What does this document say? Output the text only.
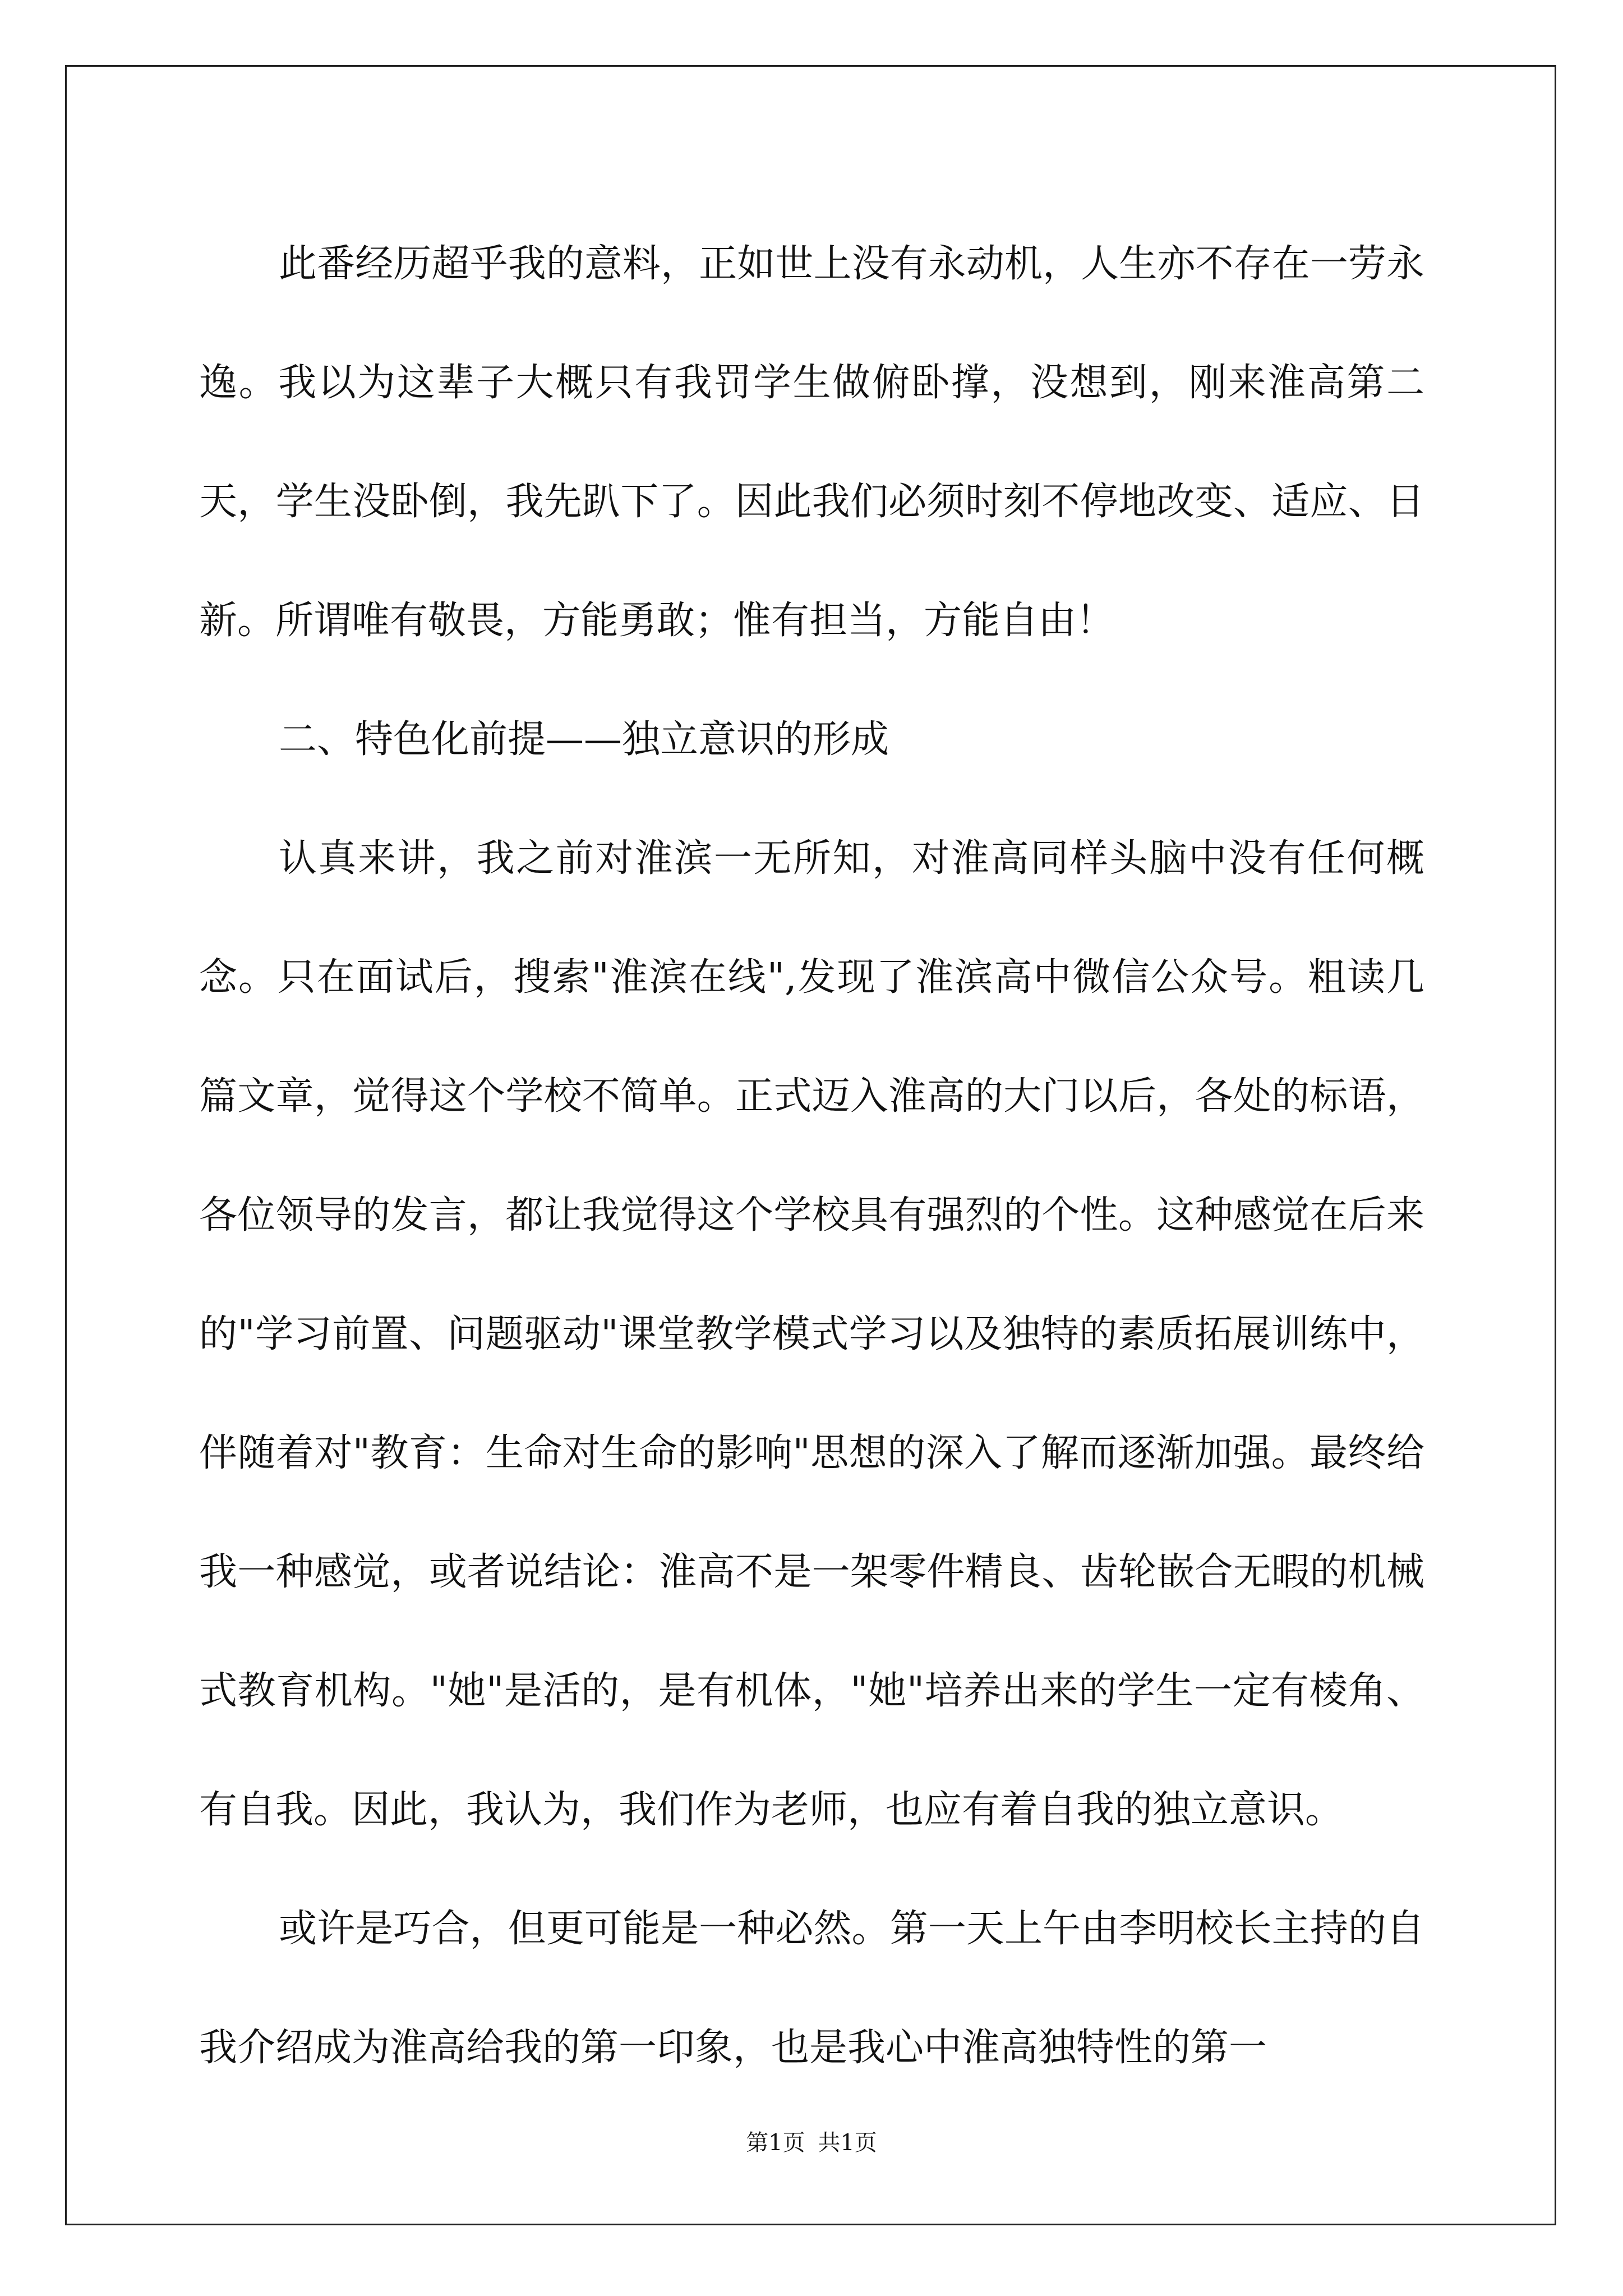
此番经历超乎我的意料，正如世上没有永动机，人生亦不存在一劳永逸。我以为这辈子大概只有我罚学生做俯卧撑，没想到，刚来淮高第二天，学生没卧倒，我先趴下了。因此我们必须时刻不停地改变、适应、日新。所谓唯有敬畏，方能勇敢；惟有担当，方能自由！

二、特色化前提——独立意识的形成

认真来讲，我之前对淮滨一无所知，对淮高同样头脑中没有任何概念。只在面试后，搜索"淮滨在线",发现了淮滨高中微信公众号。粗读几篇文章，觉得这个学校不简单。正式迈入淮高的大门以后，各处的标语，各位领导的发言，都让我觉得这个学校具有强烈的个性。这种感觉在后来的"学习前置、问题驱动"课堂教学模式学习以及独特的素质拓展训练中，伴随着对"教育：生命对生命的影响"思想的深入了解而逐渐加强。最终给我一种感觉，或者说结论：淮高不是一架零件精良、齿轮嵌合无暇的机械式教育机构。"她"是活的，是有机体，"她"培养出来的学生一定有棱角、有自我。因此，我认为，我们作为老师，也应有着自我的独立意识。

或许是巧合，但更可能是一种必然。第一天上午由李明校长主持的自我介绍成为淮高给我的第一印象，也是我心中淮高独特性的第一

第1页 共1页
